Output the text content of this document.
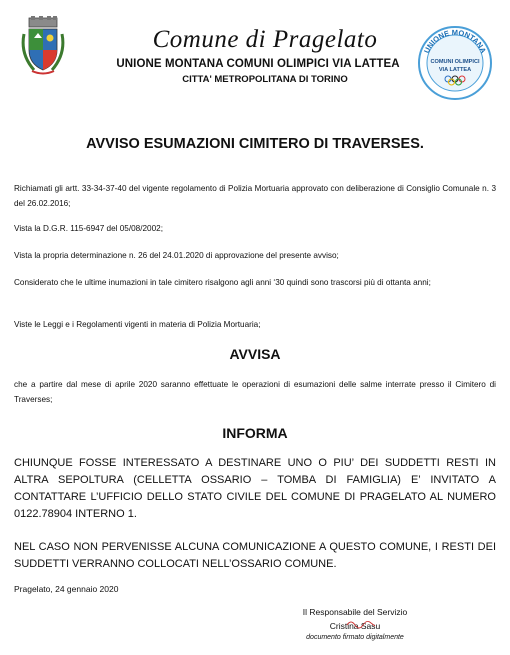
Comune di Pragelato
UNIONE MONTANA COMUNI OLIMPICI VIA LATTEA
CITTA' METROPOLITANA DI TORINO
UNIONE MONTANA
COMUNI OLIMPICI
VIA LATTEA
AVVISO ESUMAZIONI CIMITERO DI TRAVERSES.
Richiamati gli artt. 33-34-37-40 del vigente regolamento di Polizia Mortuaria approvato con deliberazione di Consiglio Comunale n. 3 del 26.02.2016;
Vista la D.G.R. 115-6947 del 05/08/2002;
Vista la propria determinazione n. 26 del 24.01.2020 di approvazione del presente avviso;
Considerato che le ultime inumazioni in tale cimitero risalgono agli anni ‘30 quindi sono trascorsi più di ottanta anni;
Viste le Leggi e i Regolamenti vigenti in materia di Polizia Mortuaria;
AVVISA
che a partire dal mese di aprile 2020 saranno effettuate le operazioni di esumazioni delle salme interrate presso il Cimitero di Traverses;
INFORMA
CHIUNQUE FOSSE INTERESSATO A DESTINARE UNO O PIU’ DEI SUDDETTI RESTI IN ALTRA SEPOLTURA (CELLETTA OSSARIO – TOMBA DI FAMIGLIA) E’ INVITATO A CONTATTARE L’UFFICIO DELLO STATO CIVILE DEL COMUNE DI PRAGELATO AL NUMERO 0122.78904 INTERNO 1.
NEL CASO NON PERVENISSE ALCUNA COMUNICAZIONE A QUESTO COMUNE, I RESTI DEI SUDDETTI VERRANNO COLLOCATI NELL’OSSARIO COMUNE.
Pragelato, 24 gennaio 2020
Il Responsabile del Servizio
Cristina Sasu
documento firmato digitalmente
